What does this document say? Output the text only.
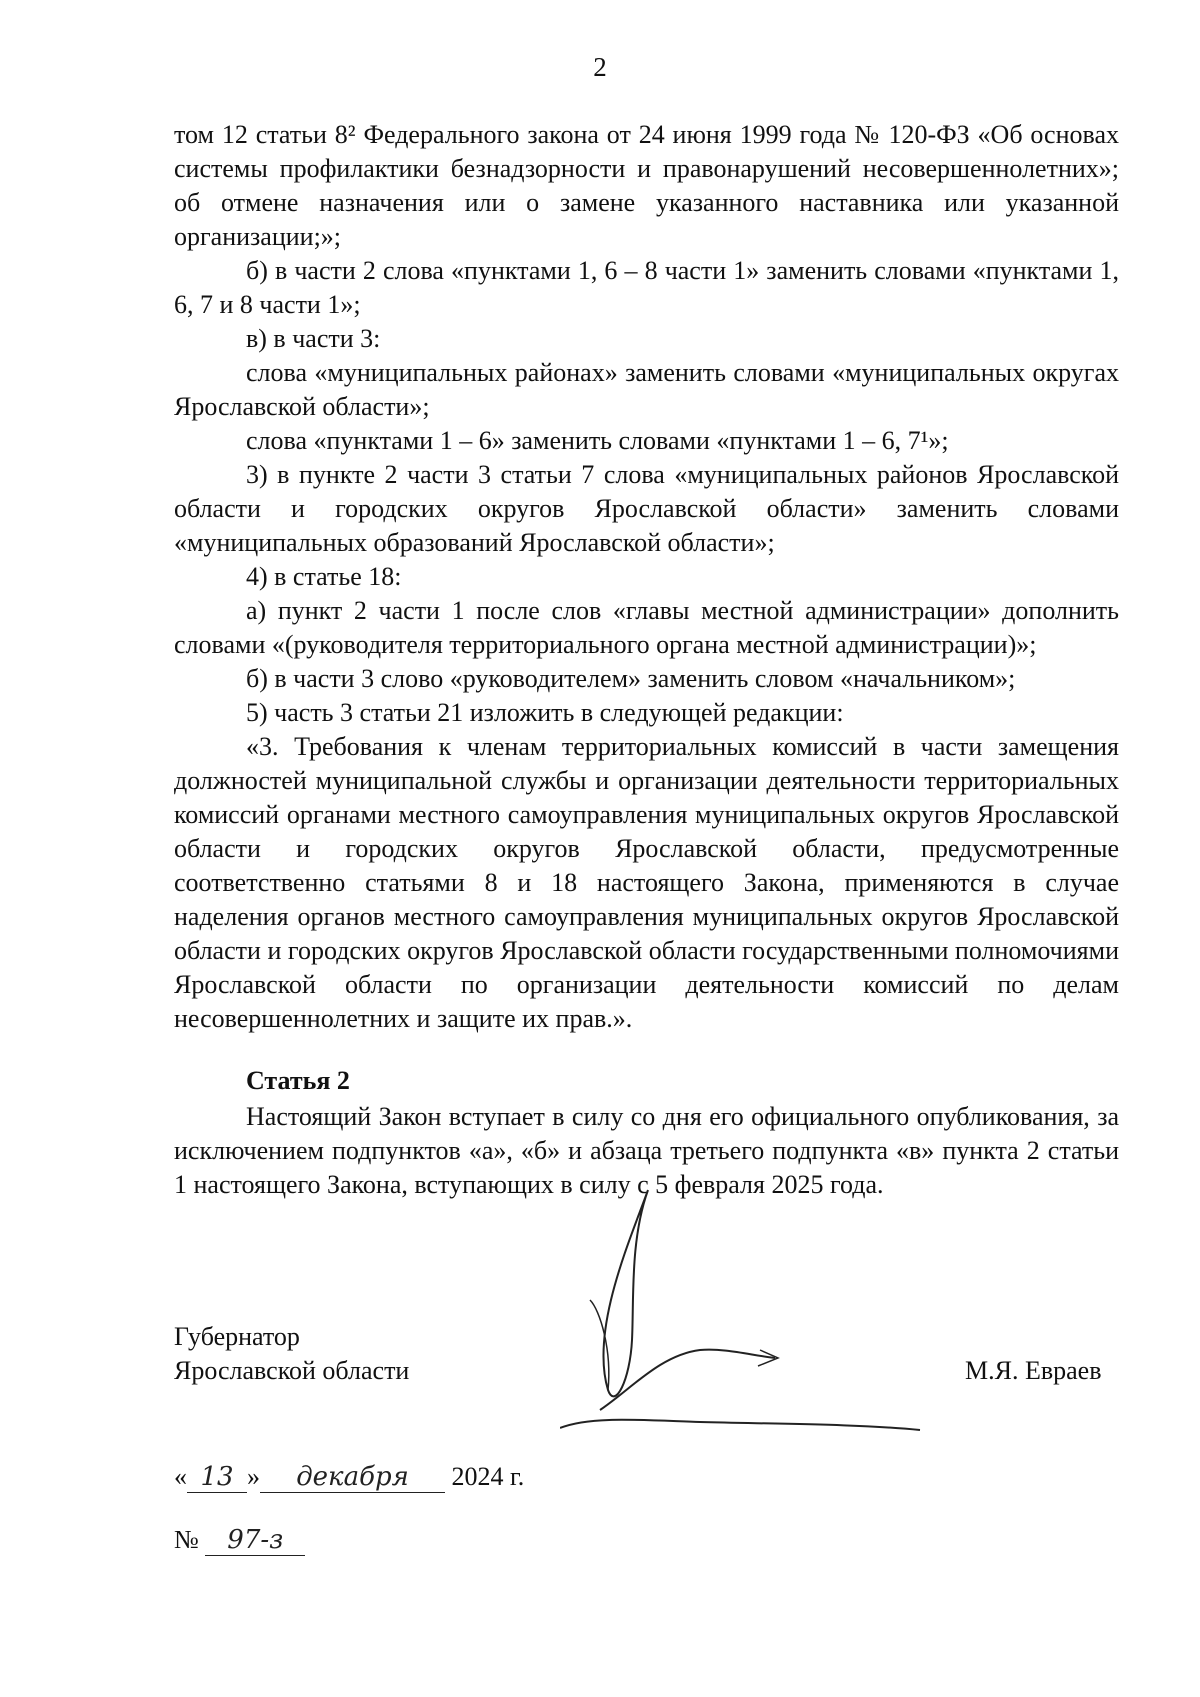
2

том 12 статьи 8² Федерального закона от 24 июня 1999 года № 120-ФЗ «Об основах системы профилактики безнадзорности и правонарушений несовершеннолетних»; об отмене назначения или о замене указанного наставника или указанной организации;»;

б) в части 2 слова «пунктами 1, 6 – 8 части 1» заменить словами «пунктами 1, 6, 7 и 8 части 1»;

в) в части 3:

слова «муниципальных районах» заменить словами «муниципальных округах Ярославской области»;

слова «пунктами 1 – 6» заменить словами «пунктами 1 – 6, 7¹»;

3) в пункте 2 части 3 статьи 7 слова «муниципальных районов Ярославской области и городских округов Ярославской области» заменить словами «муниципальных образований Ярославской области»;

4) в статье 18:

а) пункт 2 части 1 после слов «главы местной администрации» дополнить словами «(руководителя территориального органа местной администрации)»;

б) в части 3 слово «руководителем» заменить словом «начальником»;

5) часть 3 статьи 21 изложить в следующей редакции:

«3. Требования к членам территориальных комиссий в части замещения должностей муниципальной службы и организации деятельности территориальных комиссий органами местного самоуправления муниципальных округов Ярославской области и городских округов Ярославской области, предусмотренные соответственно статьями 8 и 18 настоящего Закона, применяются в случае наделения органов местного самоуправления муниципальных округов Ярославской области и городских округов Ярославской области государственными полномочиями Ярославской области по организации деятельности комиссий по делам несовершеннолетних и защите их прав.».

Статья 2

Настоящий Закон вступает в силу со дня его официального опубликования, за исключением подпунктов «а», «б» и абзаца третьего подпункта «в» пункта 2 статьи 1 настоящего Закона, вступающих в силу с 5 февраля 2025 года.

Губернатор
Ярославской области	М.Я. Евраев
« 13 » декабря 2024 г.
№ 97-з
